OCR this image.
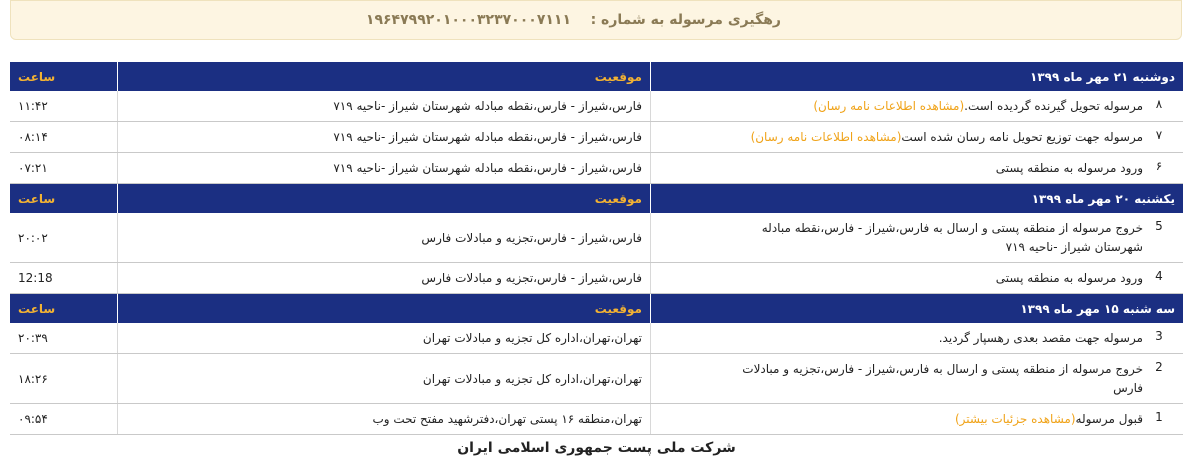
رهگیری مرسوله به شماره :
۱۹۶۴۷۹۹۲۰۱۰۰۰۳۲۳۷۰۰۰۷۱۱۱
دوشنبه ۲۱ مهر ماه ۱۳۹۹	موقعیت	ساعت
۸مرسوله تحویل گیرنده گردیده است.(مشاهده اطلاعات نامه رسان)	فارس،شیراز - فارس،نقطه مبادله شهرستان شیراز -ناحیه ۷۱۹	۱۱:۴۲
۷مرسوله جهت توزیع تحویل نامه رسان شده است(مشاهده اطلاعات نامه رسان)	فارس،شیراز - فارس،نقطه مبادله شهرستان شیراز -ناحیه ۷۱۹	۰۸:۱۴
۶ورود مرسوله به منطقه پستی	فارس،شیراز - فارس،نقطه مبادله شهرستان شیراز -ناحیه ۷۱۹	۰۷:۲۱
یکشنبه ۲۰ مهر ماه ۱۳۹۹	موقعیت	ساعت
5خروج مرسوله از منطقه پستی و ارسال به فارس،شیراز - فارس،نقطه مبادله شهرستان شیراز -ناحیه ۷۱۹	فارس،شیراز - فارس،تجزیه و مبادلات فارس	۲۰:۰۲
4ورود مرسوله به منطقه پستی	فارس،شیراز - فارس،تجزیه و مبادلات فارس	12:18
سه شنبه ۱۵ مهر ماه ۱۳۹۹	موقعیت	ساعت
3مرسوله جهت مقصد بعدی رهسپار گردید.	تهران،تهران،اداره کل تجزیه و مبادلات تهران	۲۰:۳۹
2خروج مرسوله از منطقه پستی و ارسال به فارس،شیراز - فارس،تجزیه و مبادلات فارس	تهران،تهران،اداره کل تجزیه و مبادلات تهران	۱۸:۲۶
1قبول مرسوله(مشاهده جزئیات بیشتر)	تهران،منطقه ۱۶ پستی تهران،دفترشهید مفتح تحت وب	۰۹:۵۴
شرکت ملی پست جمهوری اسلامی ایران
